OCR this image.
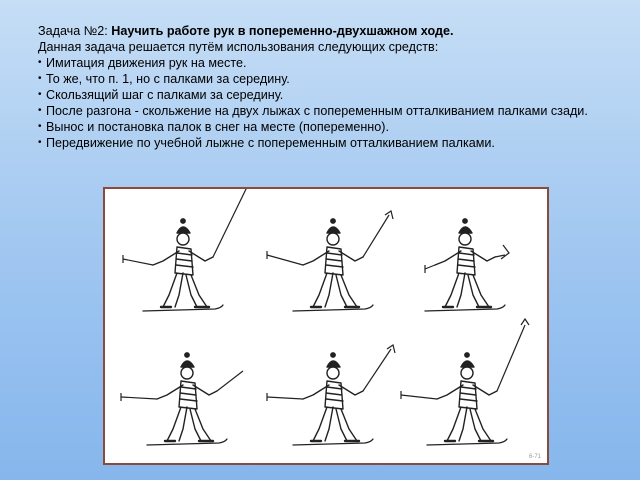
Задача №2: Научить работе рук в попеременно-двухшажном ходе.

Данная задача решается путём использования следующих средств:

• Имитация движения рук на месте.
• То же, что п. 1, но с палками за середину.
• Скользящий шаг с палками за середину.
• После разгона - скольжение на двух лыжах с попеременным отталкиванием палками сзади.
• Вынос и постановка палок в снег на месте (попеременно).
• Передвижение по учебной лыжне с попеременным отталкиванием палками.
6-71
